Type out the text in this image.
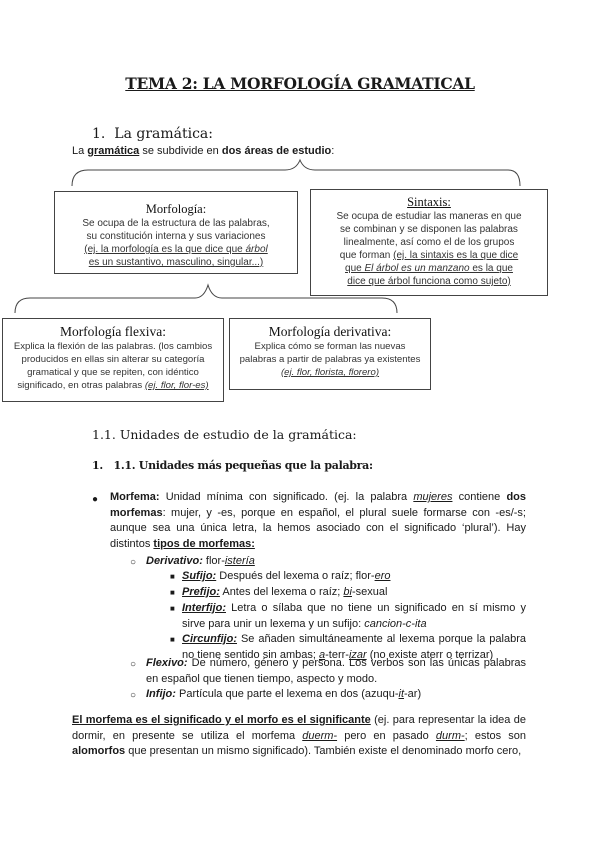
TEMA 2: LA MORFOLOGÍA GRAMATICAL
1. La gramática:
La gramática se subdivide en dos áreas de estudio:
Morfología:
Se ocupa de la estructura de las palabras,
su constitución interna y sus variaciones
(ej. la morfología es la que dice que árbol
es un sustantivo, masculino, singular...)
Sintaxis:
Se ocupa de estudiar las maneras en que
se combinan y se disponen las palabras
linealmente, así como el de los grupos
que forman (ej. la sintaxis es la que dice
que El árbol es un manzano es la que
dice que árbol funciona como sujeto)
Morfología flexiva:
Explica la flexión de las palabras. (los cambios
producidos en ellas sin alterar su categoría
gramatical y que se repiten, con idéntico
significado, en otras palabras (ej. flor, flor-es)
Morfología derivativa:
Explica cómo se forman las nuevas
palabras a partir de palabras ya existentes
(ej. flor, florista, florero)
1.1. Unidades de estudio de la gramática:
1. 1.1. Unidades más pequeñas que la palabra:
● Morfema: Unidad mínima con significado. (ej. la palabra mujeres contiene dos morfemas: mujer, y -es, porque en español, el plural suele formarse con -es/-s; aunque sea una única letra, la hemos asociado con el significado ‘plural’). Hay distintos tipos de morfemas:
○ Derivativo: flor-istería
■ Sufijo: Después del lexema o raíz; flor-ero
■ Prefijo: Antes del lexema o raíz; bi-sexual
■ Interfijo: Letra o sílaba que no tiene un significado en sí mismo y sirve para unir un lexema y un sufijo: cancion-c-ita
■ Circunfijo: Se añaden simultáneamente al lexema porque la palabra no tiene sentido sin ambas; a-terr-izar (no existe aterr o terrizar)
○ Flexivo: De número, género y persona. Los verbos son las únicas palabras en español que tienen tiempo, aspecto y modo.
○ Infijo: Partícula que parte el lexema en dos (azuqu-it-ar)
El morfema es el significado y el morfo es el significante (ej. para representar la idea de dormir, en presente se utiliza el morfema duerm- pero en pasado durm-; estos son alomorfos que presentan un mismo significado). También existe el denominado morfo cero,
